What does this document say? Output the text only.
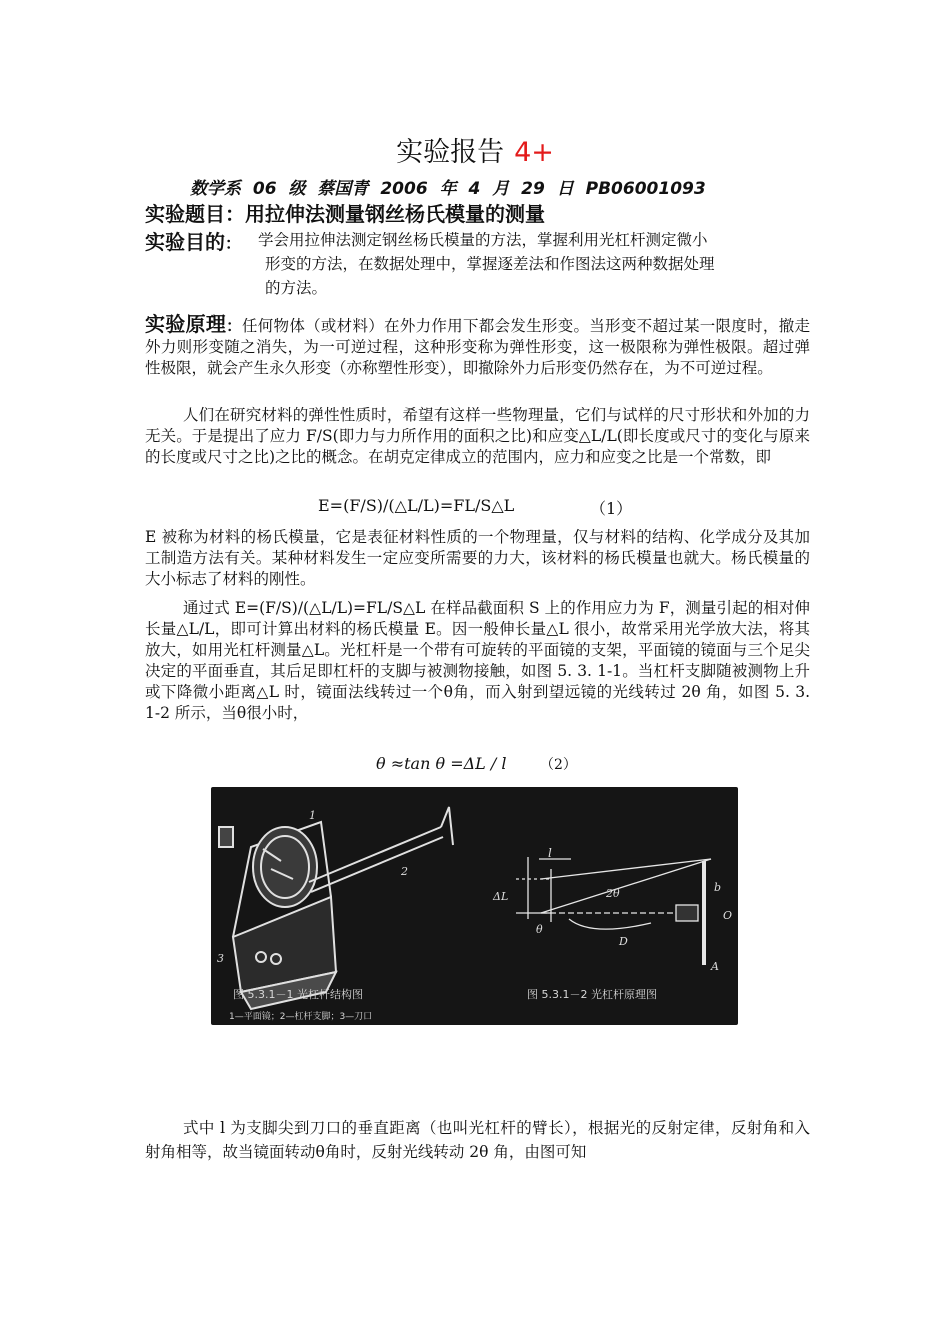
实验报告 4+
数学系 06 级 蔡国青 2006 年 4 月 29 日 PB06001093
实验题目：用拉伸法测量钢丝杨氏模量的测量
实验目的： 学会用拉伸法测定钢丝杨氏模量的方法，掌握利用光杠杆测定微小
形变的方法，在数据处理中，掌握逐差法和作图法这两种数据处理
的方法。
实验原理：任何物体（或材料）在外力作用下都会发生形变。当形变不超过某一限度时，撤走外力则形变随之消失，为一可逆过程，这种形变称为弹性形变，这一极限称为弹性极限。超过弹性极限，就会产生永久形变（亦称塑性形变），即撤除外力后形变仍然存在，为不可逆过程。
人们在研究材料的弹性性质时，希望有这样一些物理量，它们与试样的尺寸形状和外加的力无关。于是提出了应力 F/S(即力与力所作用的面积之比)和应变△L/L(即长度或尺寸的变化与原来的长度或尺寸之比)之比的概念。在胡克定律成立的范围内，应力和应变之比是一个常数，即
E=(F/S)/(△L/L)=FL/S△L	（1）
E 被称为材料的杨氏模量，它是表征材料性质的一个物理量，仅与材料的结构、化学成分及其加工制造方法有关。某种材料发生一定应变所需要的力大，该材料的杨氏模量也就大。杨氏模量的大小标志了材料的刚性。
通过式 E=(F/S)/(△L/L)=FL/S△L 在样品截面积 S 上的作用应力为 F，测量引起的相对伸长量△L/L，即可计算出材料的杨氏模量 E。因一般伸长量△L 很小，故常采用光学放大法，将其放大，如用光杠杆测量△L。光杠杆是一个带有可旋转的平面镜的支架，平面镜的镜面与三个足尖决定的平面垂直，其后足即杠杆的支脚与被测物接触，如图 5. 3. 1-1。当杠杆支脚随被测物上升或下降微小距离△L 时，镜面法线转过一个θ角，而入射到望远镜的光线转过 2θ 角，如图 5. 3. 1-2 所示，当θ很小时，
θ ≈tan θ =ΔL / l （2）
1
2
3
l
ΔL
θ
2θ
D
b
O
A
图 5.3.1－1 光杠杆结构图
1—平面镜；2—杠杆支脚；3—刀口
图 5.3.1－2 光杠杆原理图
式中 l 为支脚尖到刀口的垂直距离（也叫光杠杆的臂长），根据光的反射定律，反射角和入射角相等，故当镜面转动θ角时，反射光线转动 2θ 角，由图可知
